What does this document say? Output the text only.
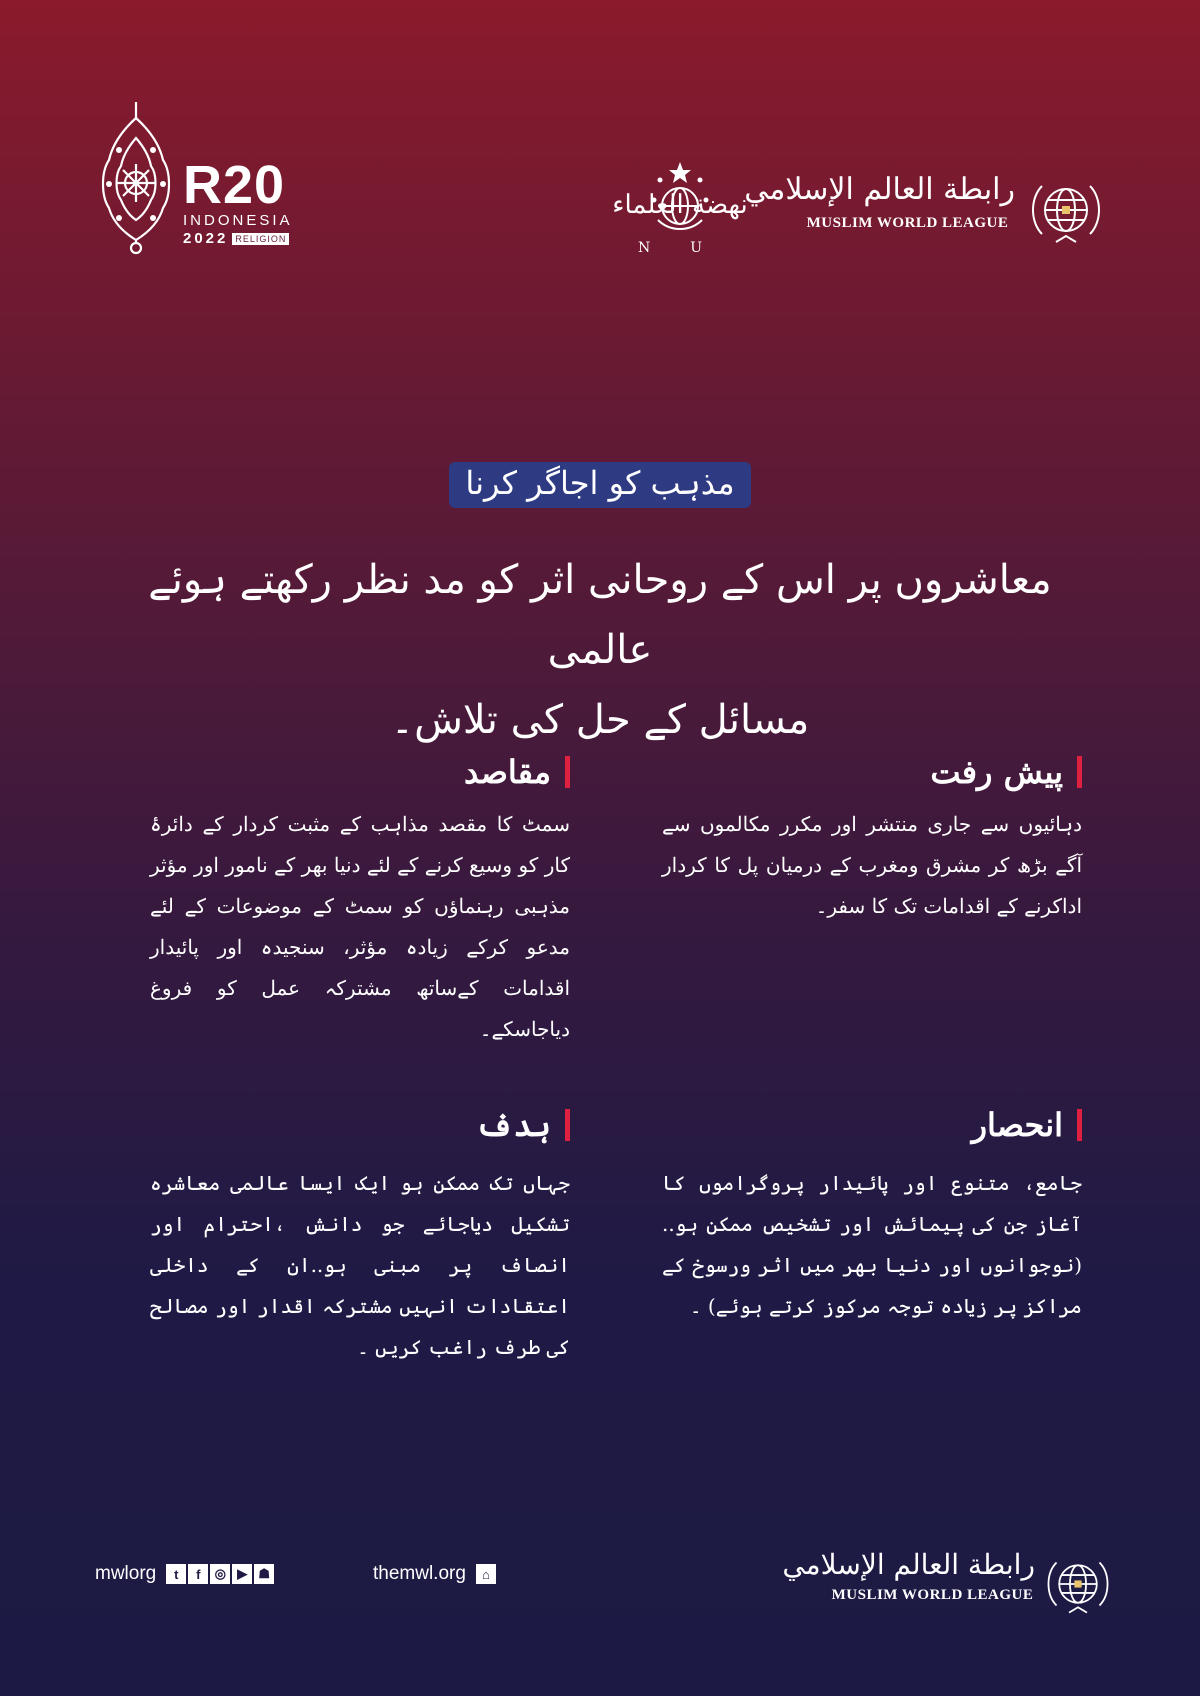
R20
INDONESIA
2022 RELIGION
نهضة العلماء
NU
رابطة العالم الإسلامي
MUSLIM WORLD LEAGUE
مذہب کو اجاگر کرنا
معاشروں پر اس کے روحانی اثر کو مد نظر رکھتے ہوئے عالمی
مسائل کے حل کی تلاش۔
پیش رفت
دہائیوں سے جاری منتشر اور مکرر مکالموں سے آگے بڑھ کر مشرق ومغرب کے درمیان پل کا کردار اداکرنے کے اقدامات تک کا سفر۔
مقاصد
سمٹ کا مقصد مذاہب کے مثبت کردار کے دائرۂ کار کو وسیع کرنے کے لئے دنیا بھر کے نامور اور مؤثر مذہبی رہنماؤں کو سمٹ کے موضوعات کے لئے مدعو کرکے زیادہ مؤثر، سنجیدہ اور پائیدار اقدامات کےساتھ مشترکہ عمل کو فروغ دیاجاسکے۔
انحصار
جامع، متنوع اور پائیدار پروگراموں کا آغاز جن کی پیمائش اور تشخیص ممکن ہو..(نوجوانوں اور دنیا بھر میں اثر ورسوخ کے مراکز پر زیادہ توجہ مرکوز کرتے ہوئے) ۔
ہدف
جہاں تک ممکن ہو ایک ایسا عالمی معاشرہ تشکیل دیاجائے جو دانش ،احترام اور انصاف پر مبنی ہو..ان کے داخلی اعتقادات انہیں مشترکہ اقدار اور مصالح کی طرف راغب کریں ۔
mwlorg	t	f	◎ ▶ ☗	themwl.org	⌂	رابطة العالم الإسلامي
MUSLIM WORLD LEAGUE
